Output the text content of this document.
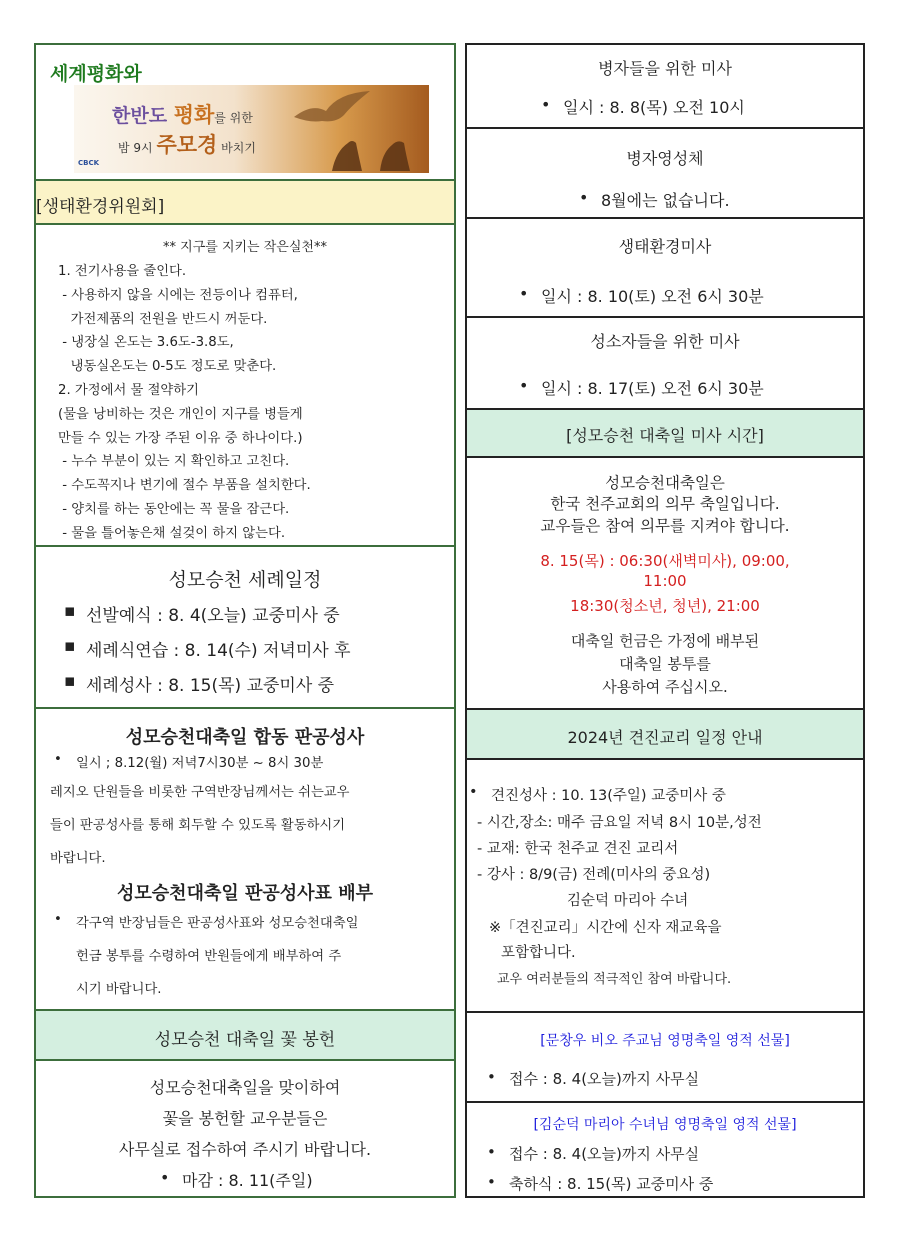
세계평화와
한반도 평화를 위한
밤 9시 주모경 바치기
CBCK
[생태환경위원회]
** 지구를 지키는 작은실천**
1. 전기사용을 줄인다.
- 사용하지 않을 시에는 전등이나 컴퓨터,
가전제품의 전원을 반드시 꺼둔다.
- 냉장실 온도는 3.6도-3.8도,
냉동실온도는 0-5도 정도로 맞춘다.
2. 가정에서 물 절약하기
(물을 낭비하는 것은 개인이 지구를 병들게
만들 수 있는 가장 주된 이유 중 하나이다.)
- 누수 부분이 있는 지 확인하고 고친다.
- 수도꼭지나 변기에 절수 부품을 설치한다.
- 양치를 하는 동안에는 꼭 물을 잠근다.
- 물을 틀어놓은채 설겆이 하지 않는다.
성모승천 세례일정
▪ 선발예식 : 8. 4(오늘) 교중미사 중
▪ 세례식연습 : 8. 14(수) 저녁미사 후
▪ 세례성사 : 8. 15(목) 교중미사 중
성모승천대축일 합동 판공성사
• 일시 ; 8.12(월) 저녁7시30분 ~ 8시 30분
레지오 단원들을 비롯한 구역반장님께서는 쉬는교우
들이 판공성사를 통해 회두할 수 있도록 활동하시기
바랍니다.
성모승천대축일 판공성사표 배부
• 각구역 반장님들은 판공성사표와 성모승천대축일
헌금 봉투를 수령하여 반원들에게 배부하여 주
시기 바랍니다.
성모승천 대축일 꽃 봉헌
성모승천대축일을 맞이하여
꽃을 봉헌할 교우분들은
사무실로 접수하여 주시기 바랍니다.
• 마감 : 8. 11(주일)
병자들을 위한 미사
• 일시 : 8. 8(목) 오전 10시
병자영성체
• 8월에는 없습니다.
생태환경미사
• 일시 : 8. 10(토) 오전 6시 30분
성소자들을 위한 미사
• 일시 : 8. 17(토) 오전 6시 30분
[성모승천 대축일 미사 시간]
성모승천대축일은
한국 천주교회의 의무 축일입니다.
교우들은 참여 의무를 지켜야 합니다.
8. 15(목) : 06:30(새벽미사), 09:00,
11:00
18:30(청소년, 청년), 21:00
대축일 헌금은 가정에 배부된
대축일 봉투를
사용하여 주십시오.
2024년 견진교리 일정 안내
• 견진성사 : 10. 13(주일) 교중미사 중
- 시간,장소: 매주 금요일 저녁 8시 10분,성전
- 교재: 한국 천주교 견진 교리서
- 강사 : 8/9(금) 전례(미사의 중요성)
김순덕 마리아 수녀
※「견진교리」시간에 신자 재교육을
포함합니다.
교우 여러분들의 적극적인 참여 바랍니다.
[문창우 비오 주교님 영명축일 영적 선물]
• 접수 : 8. 4(오늘)까지 사무실
[김순덕 마리아 수녀님 영명축일 영적 선물]
• 접수 : 8. 4(오늘)까지 사무실
• 축하식 : 8. 15(목) 교중미사 중
